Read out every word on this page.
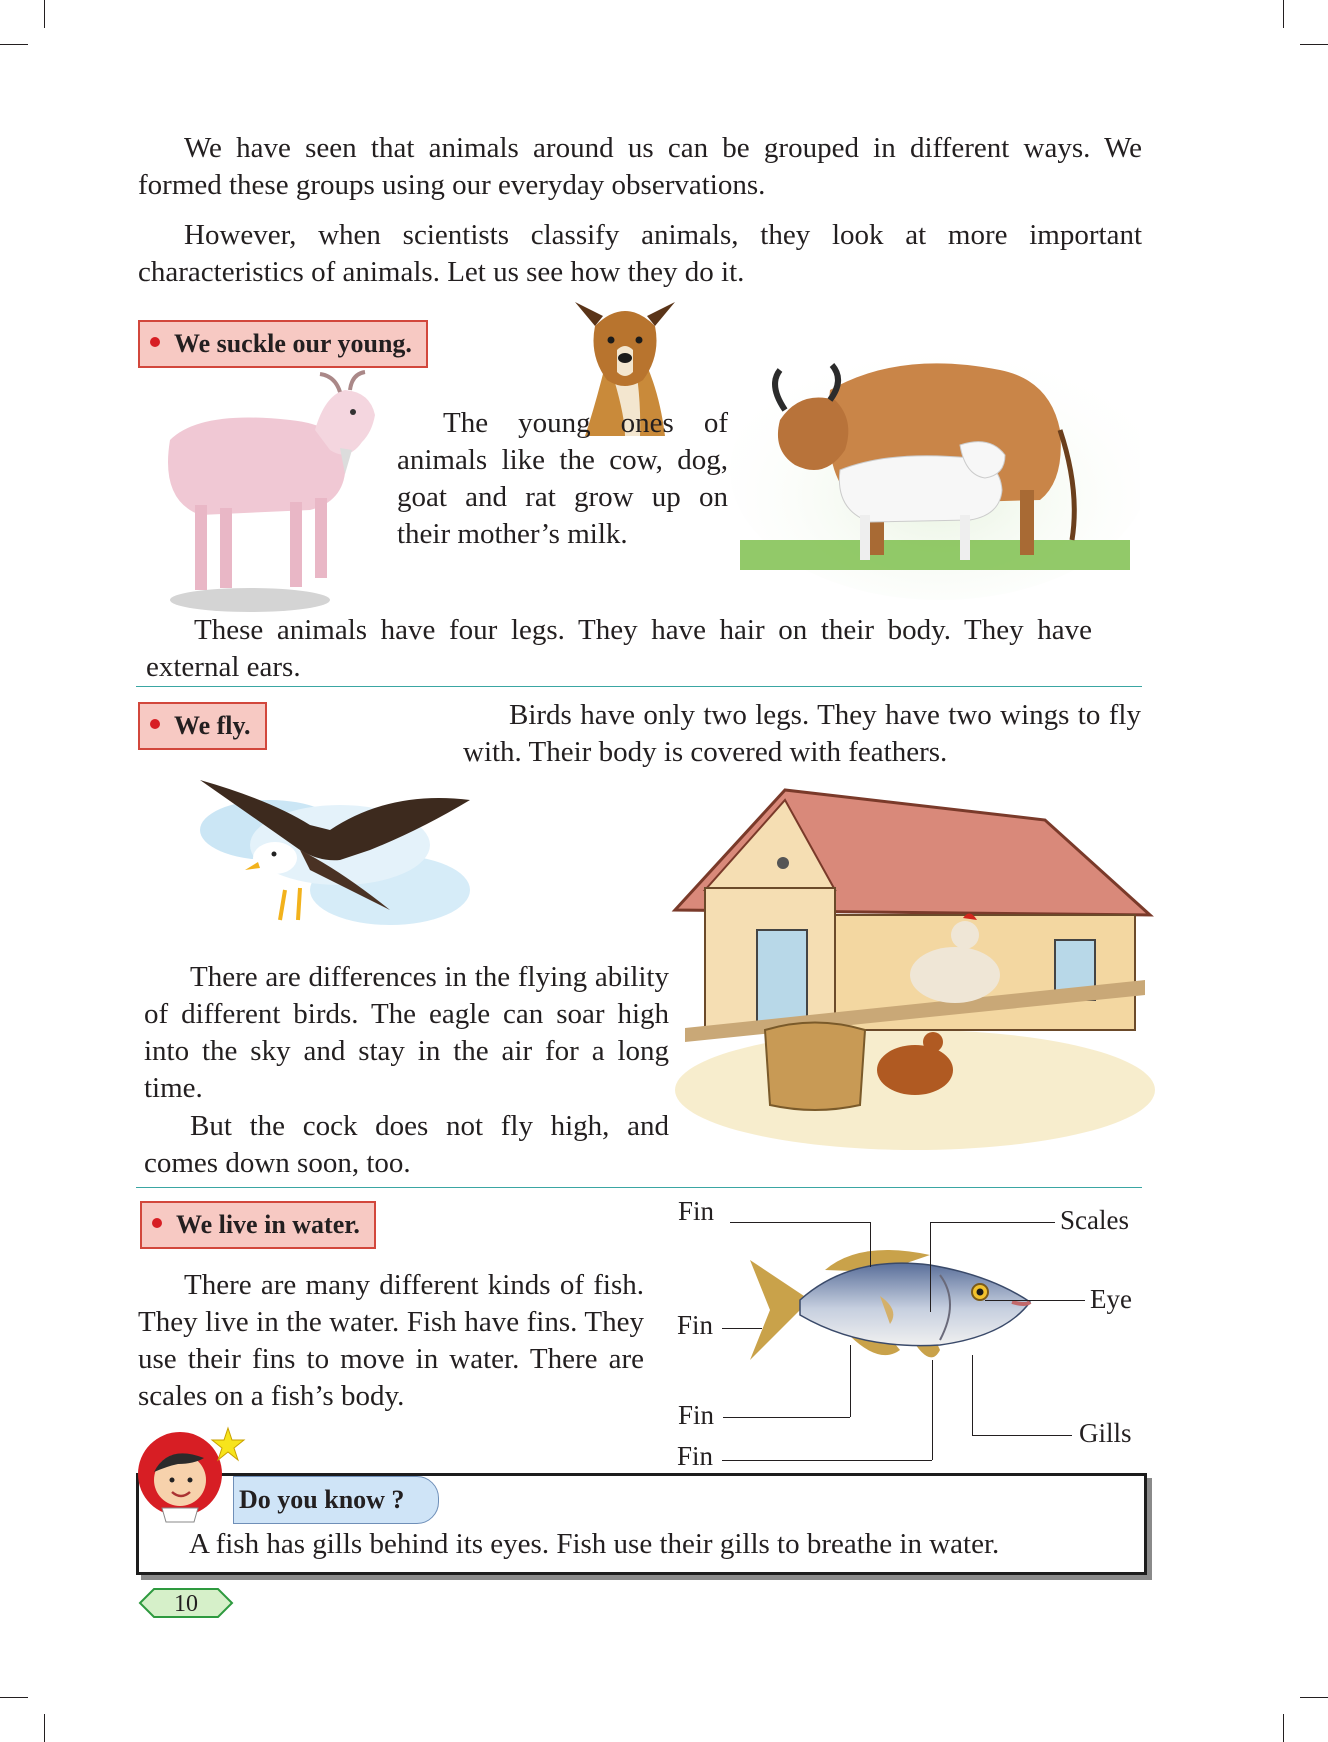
We have seen that animals around us can be grouped in different ways. We formed these groups using our everyday observations.

However, when scientists classify animals, they look at more important characteristics of animals. Let us see how they do it.

We suckle our young.

The young ones of animals like the cow, dog, goat and rat grow up on their mother’s milk.

These animals have four legs. They have hair on their body. They have external ears.

We fly.	Birds have only two legs. They have two wings to fly with. Their body is covered with feathers.

There are differences in the flying ability of different birds. The eagle can soar high into the sky and stay in the air for a long time.

But the cock does not fly high, and comes down soon, too.

We live in water.

There are many different kinds of fish. They live in the water. Fish have fins. They use their fins to move in water. There are scales on a fish’s body.

Fin	Scales
Eye
Fin
Fin
Gills
Fin
Do you know ?

A fish has gills behind its eyes. Fish use their gills to breathe in water.

10
